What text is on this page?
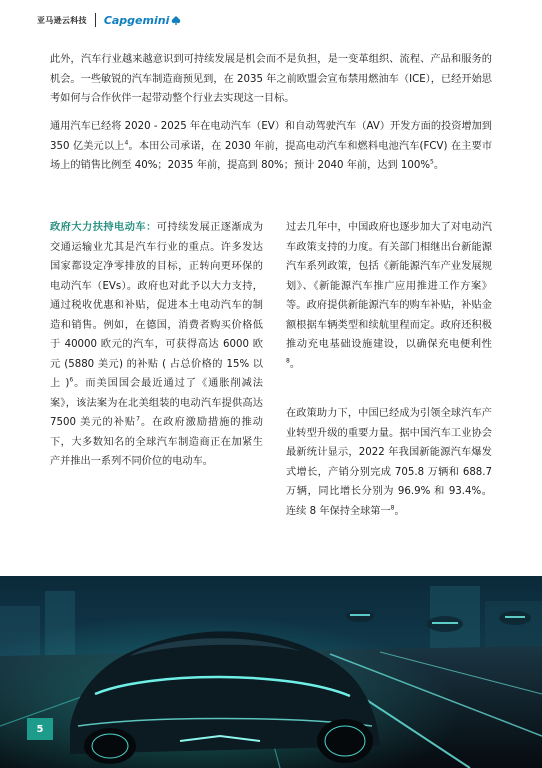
亚马逊云科技 Capgemini

此外，汽车行业越来越意识到可持续发展是机会而不是负担，是一变革组织、流程、产品和服务的机会。一些敏锐的汽车制造商预见到，在 2035 年之前欧盟会宣布禁用燃油车（ICE），已经开始思考如何与合作伙伴一起带动整个行业去实现这一目标。

通用汽车已经将 2020 - 2025 年在电动汽车（EV）和自动驾驶汽车（AV）开发方面的投资增加到 350 亿美元以上$^4$。本田公司承诺，在 2030 年前，提高电动汽车和燃料电池汽车(FCV) 在主要市场上的销售比例至 40%；2035 年前，提高到 80%；预计 2040 年前，达到 100%$^5$。

政府大力扶持电动车：可持续发展正逐渐成为交通运输业尤其是汽车行业的重点。许多发达国家都设定净零排放的目标，正转向更环保的电动汽车（EVs）。政府也对此予以大力支持，通过税收优惠和补贴，促进本土电动汽车的制造和销售。例如，在德国，消费者购买价格低于 40000 欧元的汽车，可获得高达 6000 欧元 (5880 美元) 的补贴 ( 占总价格的 15% 以上 )$^6$。而美国国会最近通过了《通胀削减法案》，该法案为在北美组装的电动汽车提供高达 7500 美元的补贴$^7$。在政府激励措施的推动下，大多数知名的全球汽车制造商正在加紧生产并推出一系列不同价位的电动车。

过去几年中，中国政府也逐步加大了对电动汽车政策支持的力度。有关部门相继出台新能源汽车系列政策，包括《新能源汽车产业发展规划》、《新能源汽车推广应用推进工作方案》等。政府提供新能源汽车的购车补贴，补贴金额根据车辆类型和续航里程而定。政府还积极推动充电基础设施建设，以确保充电便利性$^8$。

在政策助力下，中国已经成为引领全球汽车产业转型升级的重要力量。据中国汽车工业协会最新统计显示，2022 年我国新能源汽车爆发式增长，产销分别完成 705.8 万辆和 688.7 万辆，同比增长分别为 96.9% 和 93.4%。连续 8 年保持全球第一$^8$。

5
